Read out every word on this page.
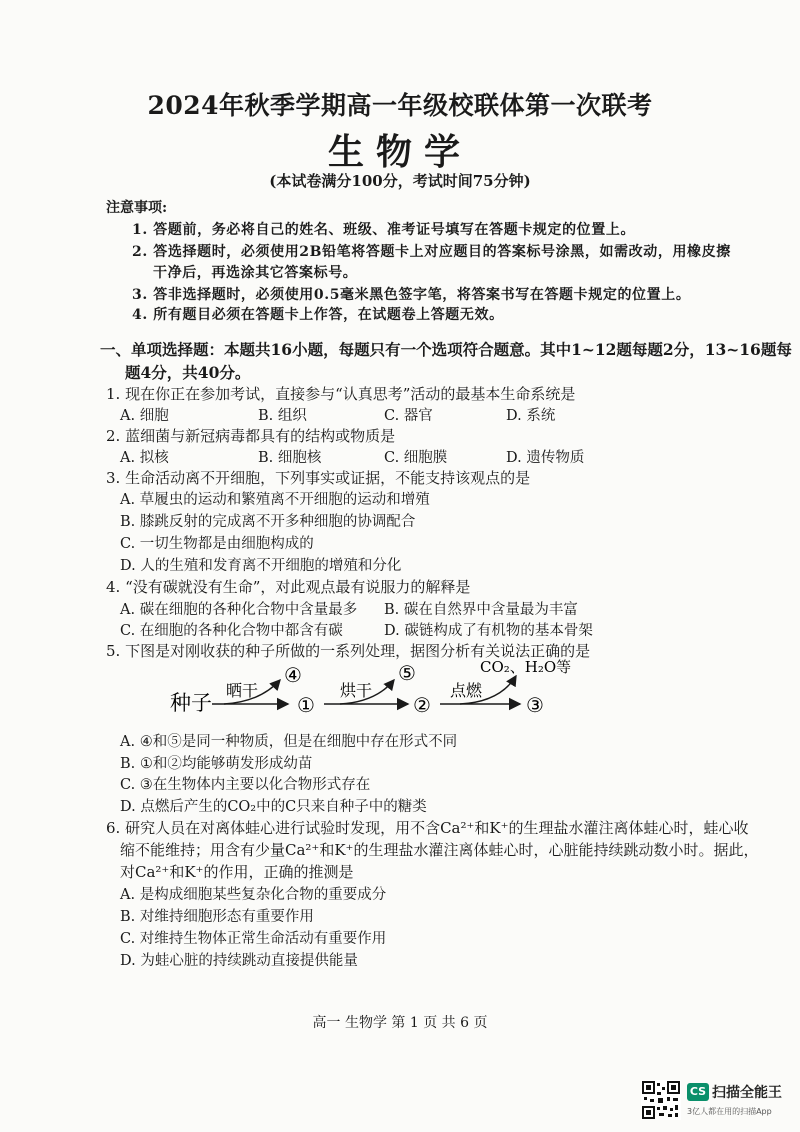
2024年秋季学期高一年级校联体第一次联考
生物学
(本试卷满分100分，考试时间75分钟)
注意事项:
1. 答题前，务必将自己的姓名、班级、准考证号填写在答题卡规定的位置上。
2. 答选择题时，必须使用2B铅笔将答题卡上对应题目的答案标号涂黑，如需改动，用橡皮擦
干净后，再选涂其它答案标号。
3. 答非选择题时，必须使用0.5毫米黑色签字笔，将答案书写在答题卡规定的位置上。
4. 所有题目必须在答题卡上作答，在试题卷上答题无效。
一、单项选择题：本题共16小题，每题只有一个选项符合题意。其中1~12题每题2分，13~16题每
题4分，共40分。
1. 现在你正在参加考试，直接参与“认真思考”活动的最基本生命系统是
A. 细胞	B. 组织	C. 器官	D. 系统
2. 蓝细菌与新冠病毒都具有的结构或物质是
A. 拟核	B. 细胞核	C. 细胞膜	D. 遗传物质
3. 生命活动离不开细胞，下列事实或证据，不能支持该观点的是
A. 草履虫的运动和繁殖离不开细胞的运动和增殖
B. 膝跳反射的完成离不开多种细胞的协调配合
C. 一切生物都是由细胞构成的
D. 人的生殖和发育离不开细胞的增殖和分化
4. “没有碳就没有生命”，对此观点最有说服力的解释是
A. 碳在细胞的各种化合物中含量最多 B. 碳在自然界中含量最为丰富
C. 在细胞的各种化合物中都含有碳	D. 碳链构成了有机物的基本骨架
5. 下图是对刚收获的种子所做的一系列处理，据图分析有关说法正确的是
种子
晒干
④
①
烘干
⑤
②
点燃
CO₂、H₂O等
③
A. ④和⑤是同一种物质，但是在细胞中存在形式不同
B. ①和②均能够萌发形成幼苗
C. ③在生物体内主要以化合物形式存在
D. 点燃后产生的CO₂中的C只来自种子中的糖类
6. 研究人员在对离体蛙心进行试验时发现，用不含Ca²⁺和K⁺的生理盐水灌注离体蛙心时，蛙心收
缩不能维持；用含有少量Ca²⁺和K⁺的生理盐水灌注离体蛙心时，心脏能持续跳动数小时。据此，
对Ca²⁺和K⁺的作用，正确的推测是
A. 是构成细胞某些复杂化合物的重要成分
B. 对维持细胞形态有重要作用
C. 对维持生物体正常生命活动有重要作用
D. 为蛙心脏的持续跳动直接提供能量
高一 生物学 第 1 页 共 6 页
CS 扫描全能王
3亿人都在用的扫描App
